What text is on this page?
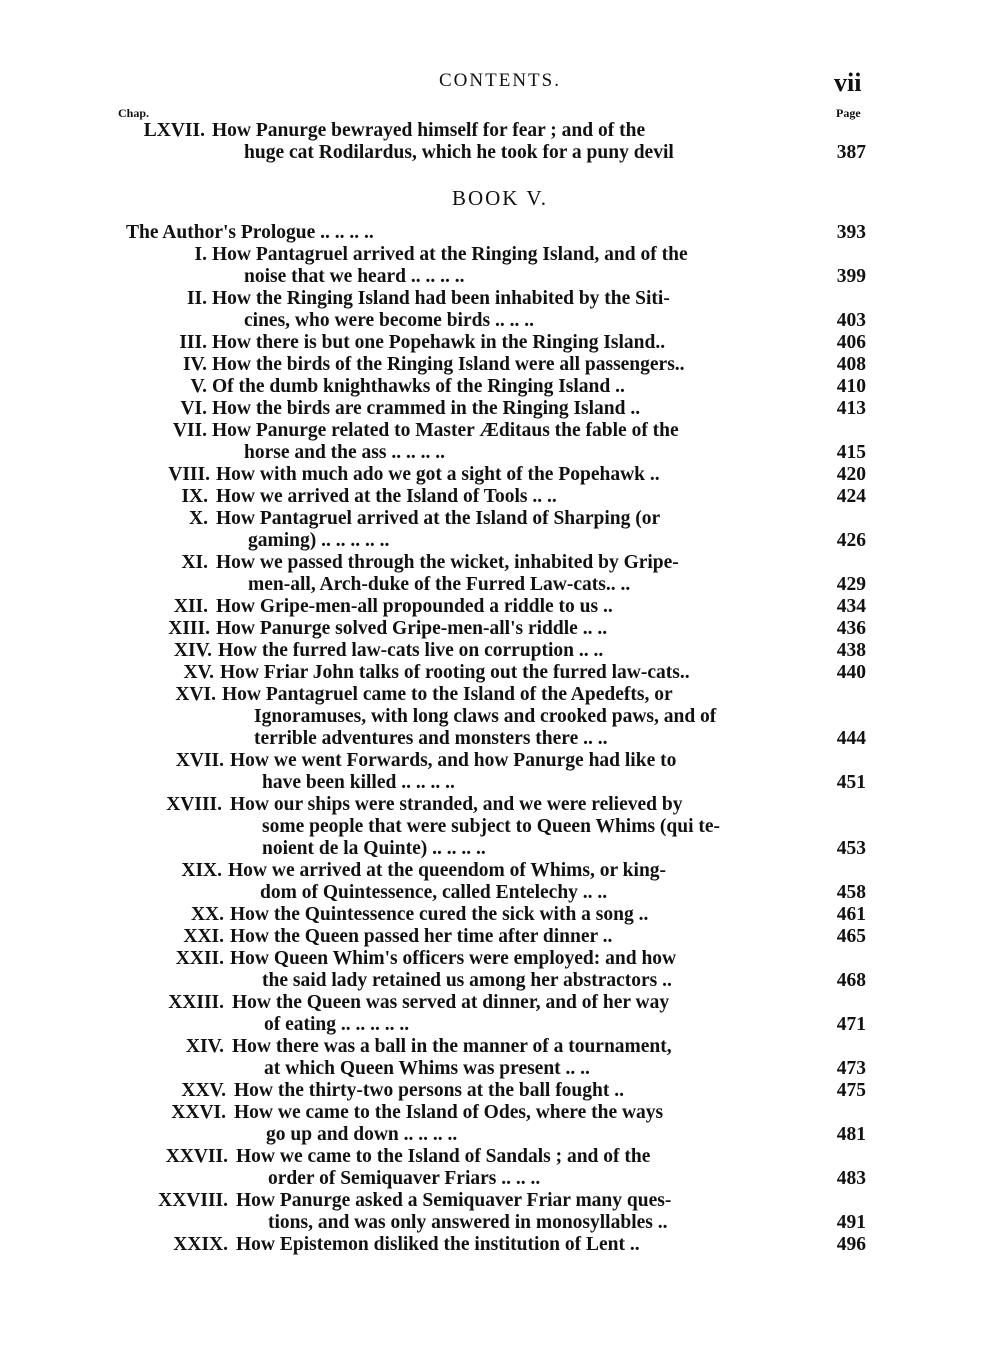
CONTENTS.	vii
Chap.	Page
BOOK V.
LXVII. How Panurge bewrayed himself for fear ; and of the
huge cat Rodilardus, which he took for a puny devil	387
The Author's Prologue .. .. .. ..	393
I. How Pantagruel arrived at the Ringing Island, and of the
noise that we heard .. .. .. ..	399
II. How the Ringing Island had been inhabited by the Siti-
cines, who were become birds .. .. ..	403
III. How there is but one Popehawk in the Ringing Island..	406
IV. How the birds of the Ringing Island were all passengers..	408
V. Of the dumb knighthawks of the Ringing Island ..	410
VI. How the birds are crammed in the Ringing Island ..	413
VII. How Panurge related to Master Æditaus the fable of the
horse and the ass .. .. .. ..	415
VIII. How with much ado we got a sight of the Popehawk ..	420
IX. How we arrived at the Island of Tools .. ..	424
X. How Pantagruel arrived at the Island of Sharping (or
gaming) .. .. .. .. ..	426
XI. How we passed through the wicket, inhabited by Gripe-
men-all, Arch-duke of the Furred Law-cats.. ..	429
XII. How Gripe-men-all propounded a riddle to us ..	434
XIII. How Panurge solved Gripe-men-all's riddle .. ..	436
XIV. How the furred law-cats live on corruption .. ..	438
XV. How Friar John talks of rooting out the furred law-cats..	440
XVI. How Pantagruel came to the Island of the Apedefts, or
Ignoramuses, with long claws and crooked paws, and of
terrible adventures and monsters there .. ..	444
XVII. How we went Forwards, and how Panurge had like to
have been killed .. .. .. ..	451
XVIII. How our ships were stranded, and we were relieved by
some people that were subject to Queen Whims (qui te-
noient de la Quinte) .. .. .. ..	453
XIX. How we arrived at the queendom of Whims, or king-
dom of Quintessence, called Entelechy .. ..	458
XX. How the Quintessence cured the sick with a song ..	461
XXI. How the Queen passed her time after dinner ..	465
XXII. How Queen Whim's officers were employed: and how
the said lady retained us among her abstractors ..	468
XXIII. How the Queen was served at dinner, and of her way
of eating .. .. .. .. ..	471
XIV. How there was a ball in the manner of a tournament,
at which Queen Whims was present .. ..	473
XXV. How the thirty-two persons at the ball fought ..	475
XXVI. How we came to the Island of Odes, where the ways
go up and down .. .. .. ..	481
XXVII. How we came to the Island of Sandals ; and of the
order of Semiquaver Friars .. .. ..	483
XXVIII. How Panurge asked a Semiquaver Friar many ques-
tions, and was only answered in monosyllables ..	491
XXIX. How Epistemon disliked the institution of Lent ..	496
